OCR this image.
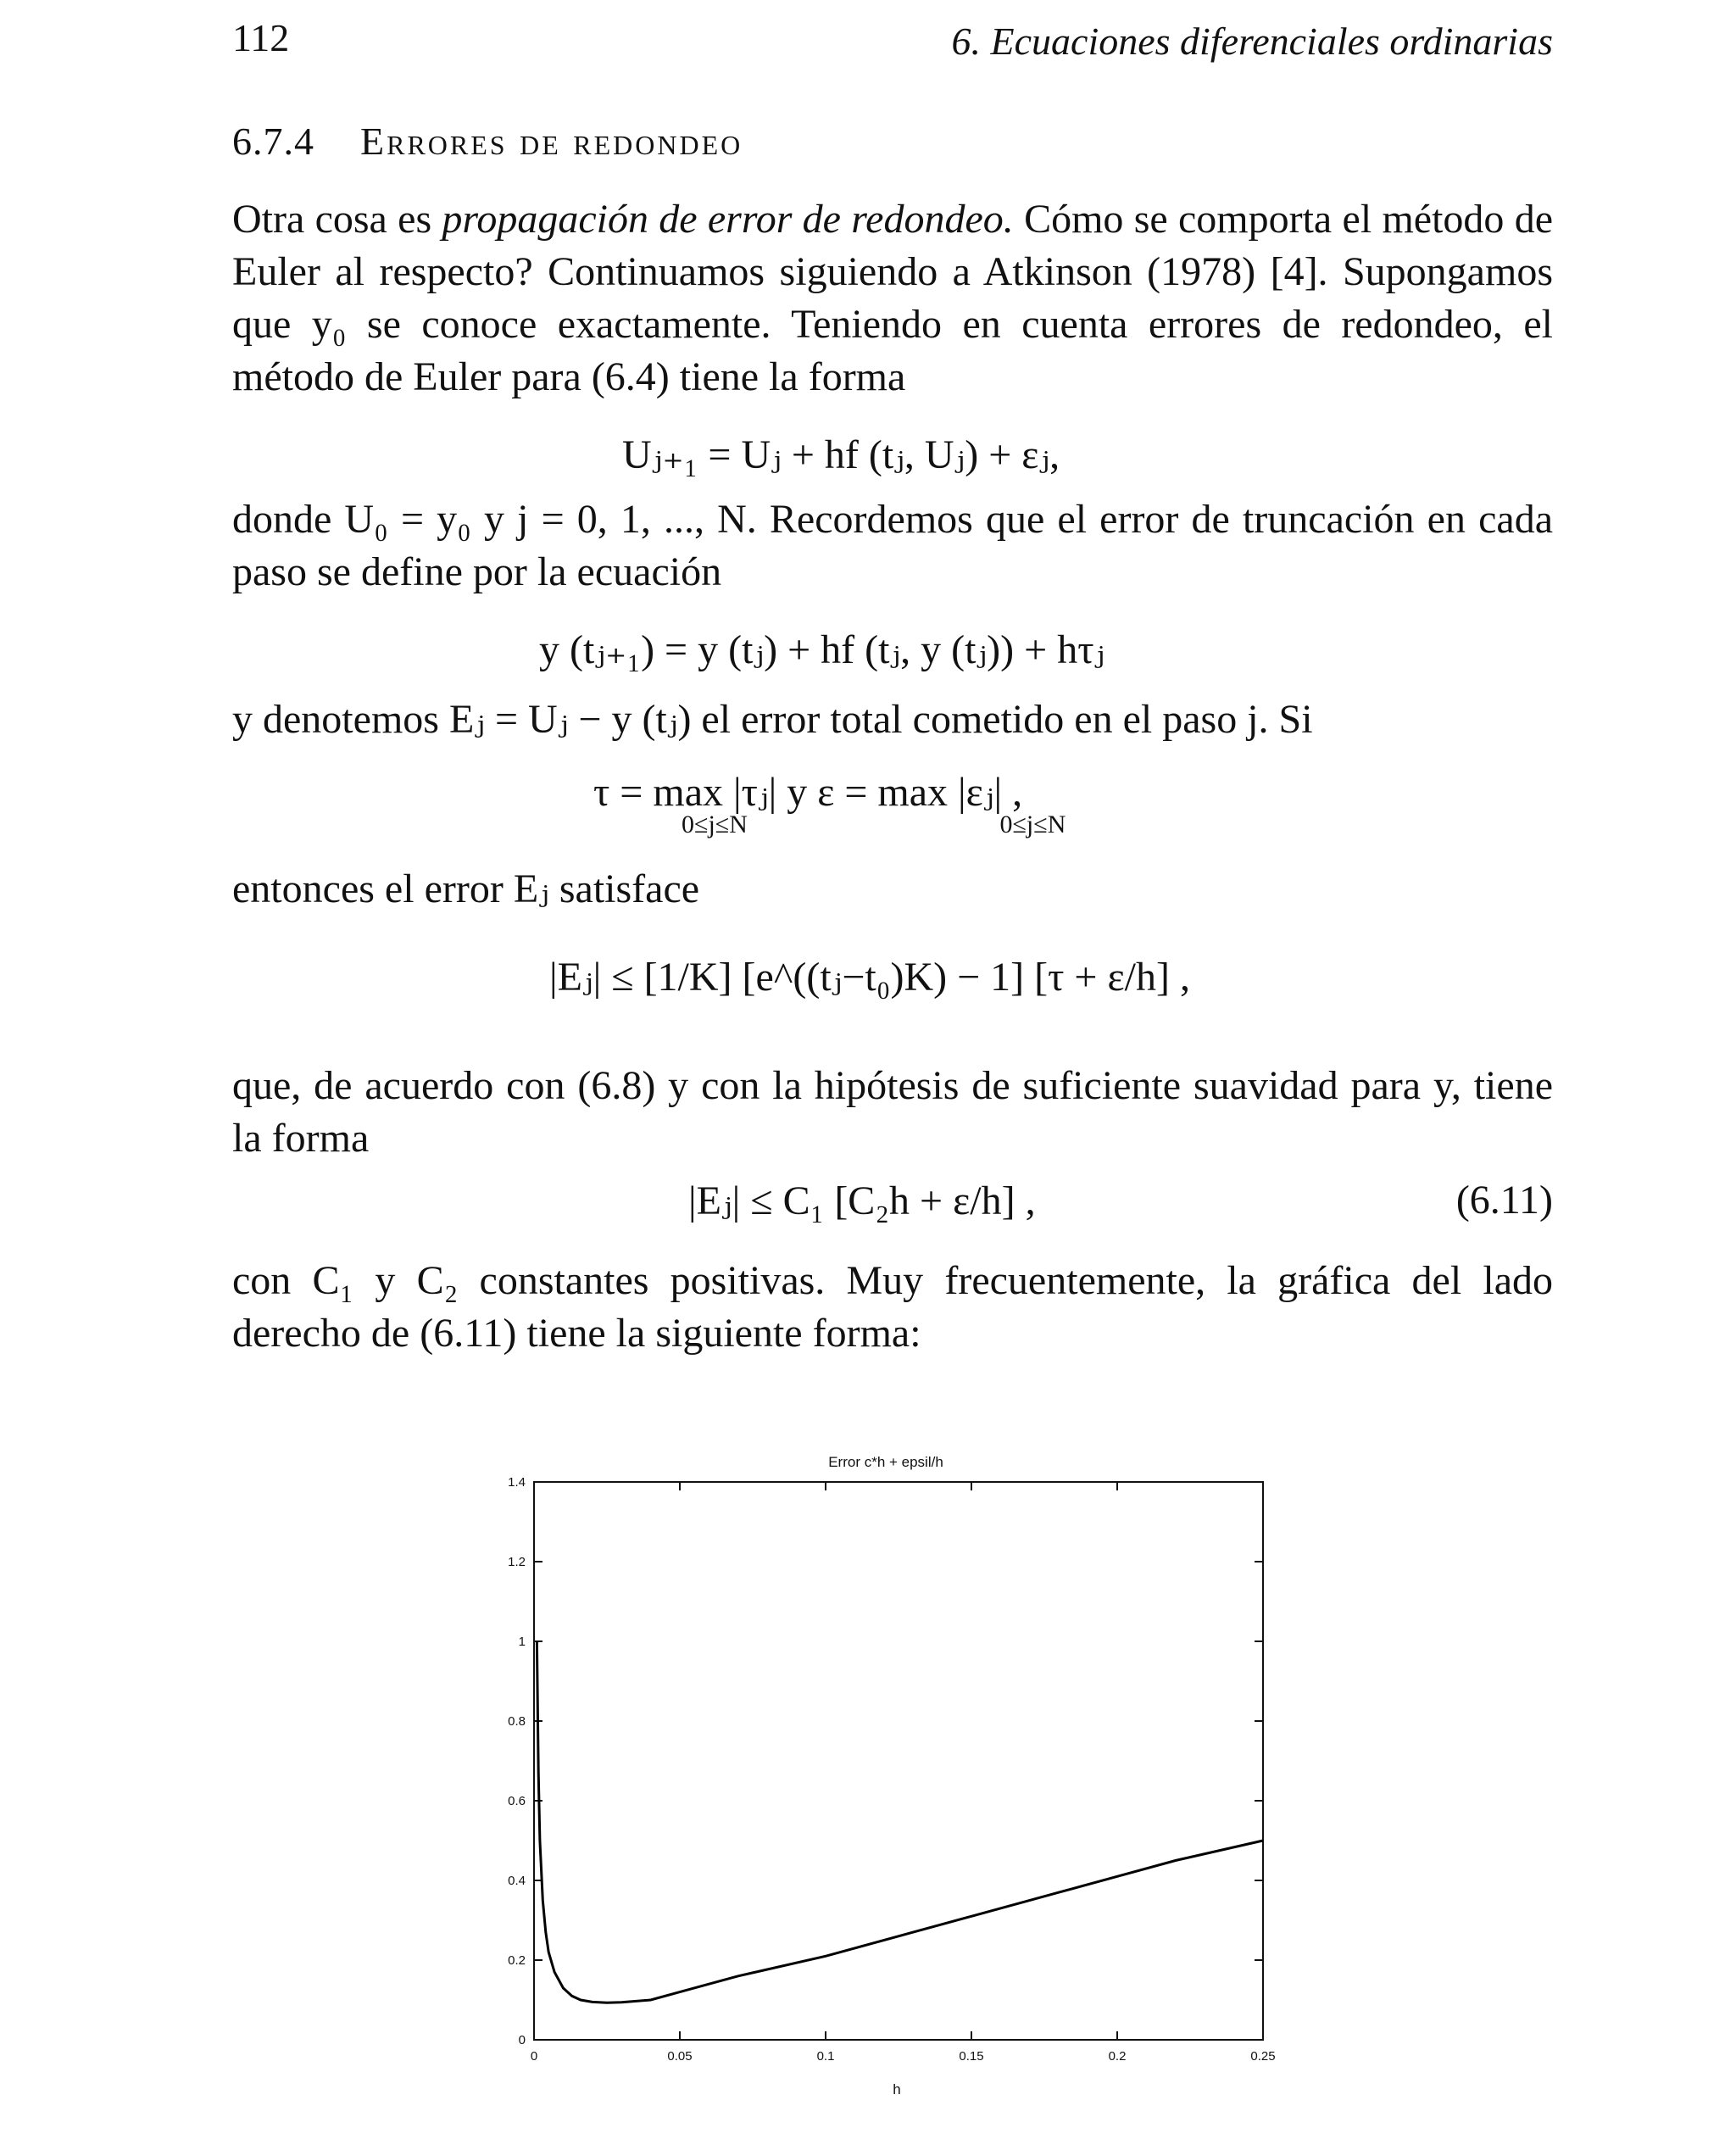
112	6. Ecuaciones diferenciales ordinarias
6.7.4 Errores de redondeo
Otra cosa es propagación de error de redondeo. Cómo se comporta el método de Euler al respecto? Continuamos siguiendo a Atkinson (1978) [4]. Supongamos que y₀ se conoce exactamente. Teniendo en cuenta errores de redondeo, el método de Euler para (6.4) tiene la forma
Uⱼ₊₁ = Uⱼ + hf (tⱼ, Uⱼ) + εⱼ,
donde U₀ = y₀ y j = 0, 1, ..., N. Recordemos que el error de truncación en cada paso se define por la ecuación
y (tⱼ₊₁) = y (tⱼ) + hf (tⱼ, y (tⱼ)) + hτⱼ
y denotemos Eⱼ = Uⱼ − y (tⱼ) el error total cometido en el paso j. Si
τ = max |τⱼ| y ε = max |εⱼ| ,
0≤j≤N	0≤j≤N
entonces el error Eⱼ satisface
|Eⱼ| ≤ [1/K] [e^((tⱼ−t₀)K) − 1] [τ + ε/h] ,
que, de acuerdo con (6.8) y con la hipótesis de suficiente suavidad para y, tiene la forma
|Eⱼ| ≤ C₁ [C₂h + ε/h] ,	(6.11)
con C₁ y C₂ constantes positivas. Muy frecuentemente, la gráfica del lado derecho de (6.11) tiene la siguiente forma:
Error c*h + epsil/h
0	0.05	0.1	0.15	0.2	0.25
0
0.2
0.4
0.6
0.8
1
1.2
1.4
h
